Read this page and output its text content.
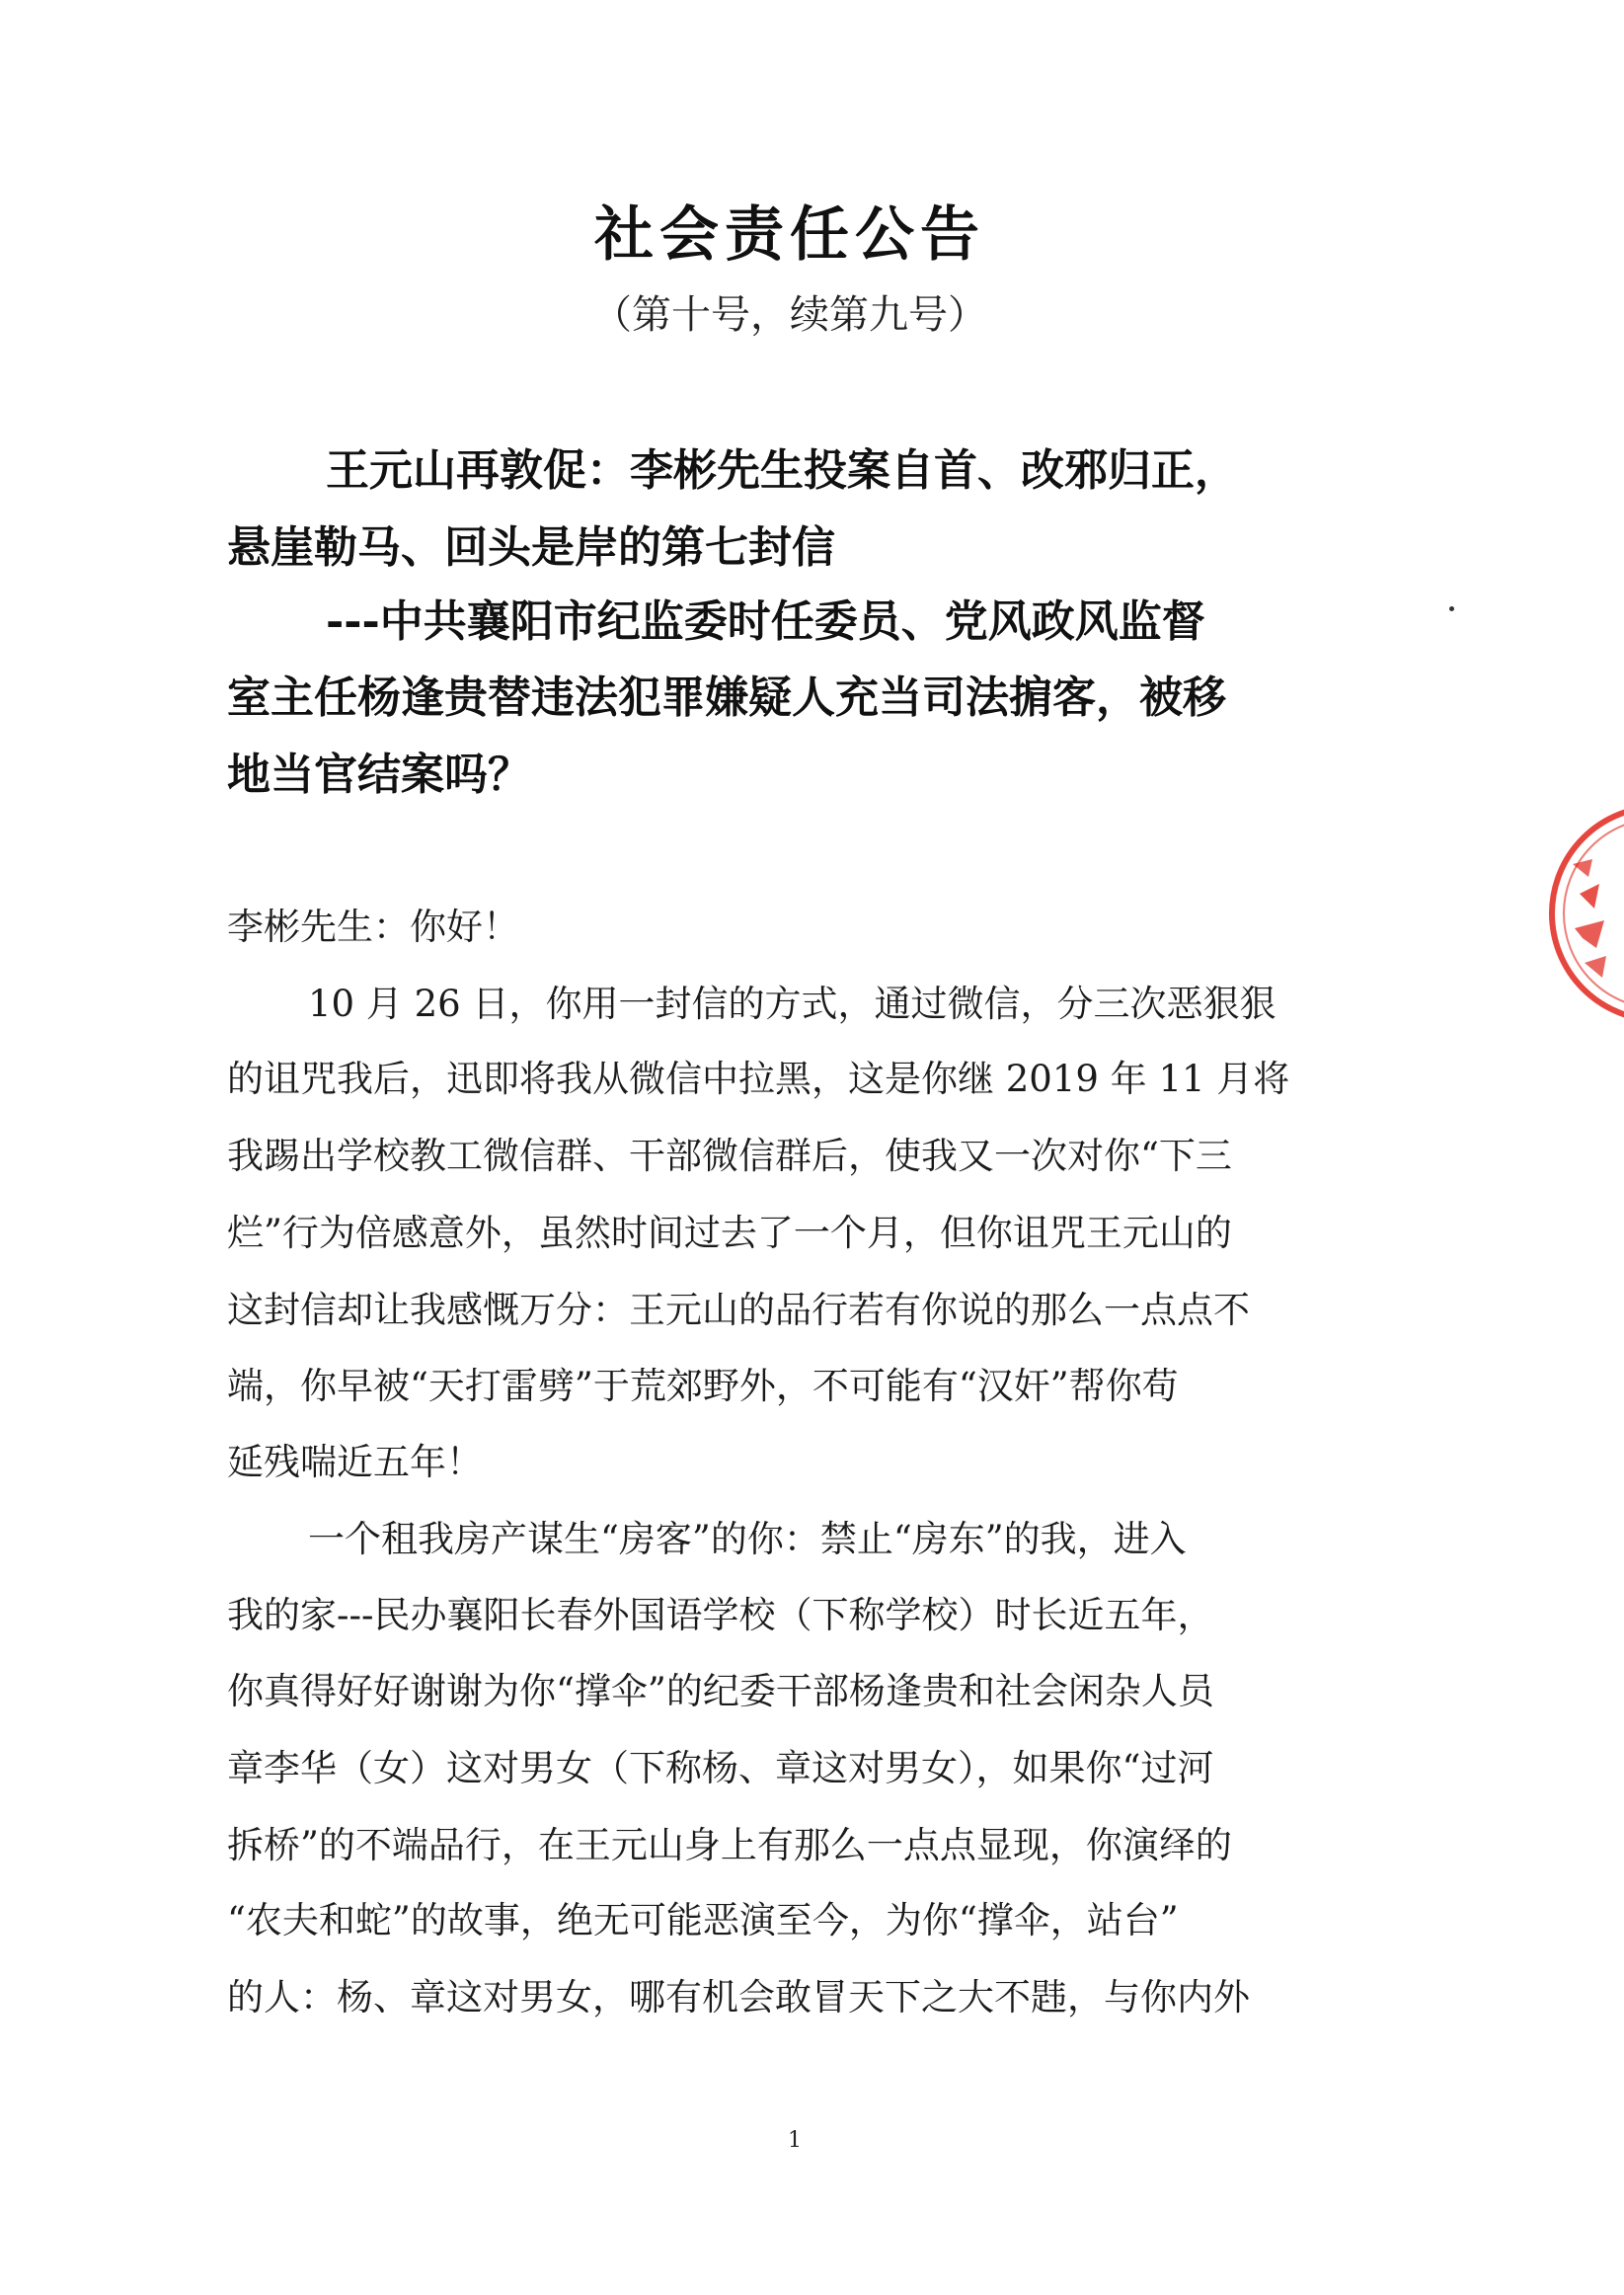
社会责任公告
（第十号，续第九号）
王元山再敦促：李彬先生投案自首、改邪归正，
悬崖勒马、回头是岸的第七封信
---中共襄阳市纪监委时任委员、党风政风监督
室主任杨逢贵替违法犯罪嫌疑人充当司法掮客，被移
地当官结案吗？
李彬先生：你好！
10 月 26 日，你用一封信的方式，通过微信，分三次恶狠狠
的诅咒我后，迅即将我从微信中拉黑，这是你继 2019 年 11 月将
我踢出学校教工微信群、干部微信群后，使我又一次对你“下三
烂”行为倍感意外，虽然时间过去了一个月，但你诅咒王元山的
这封信却让我感慨万分：王元山的品行若有你说的那么一点点不
端，你早被“天打雷劈”于荒郊野外，不可能有“汉奸”帮你苟
延残喘近五年！
一个租我房产谋生“房客”的你：禁止“房东”的我，进入
我的家---民办襄阳长春外国语学校（下称学校）时长近五年，
你真得好好谢谢为你“撑伞”的纪委干部杨逢贵和社会闲杂人员
章李华（女）这对男女（下称杨、章这对男女），如果你“过河
拆桥”的不端品行，在王元山身上有那么一点点显现，你演绎的
“农夫和蛇”的故事，绝无可能恶演至今，为你“撑伞，站台”
的人：杨、章这对男女，哪有机会敢冒天下之大不韪，与你内外
1
